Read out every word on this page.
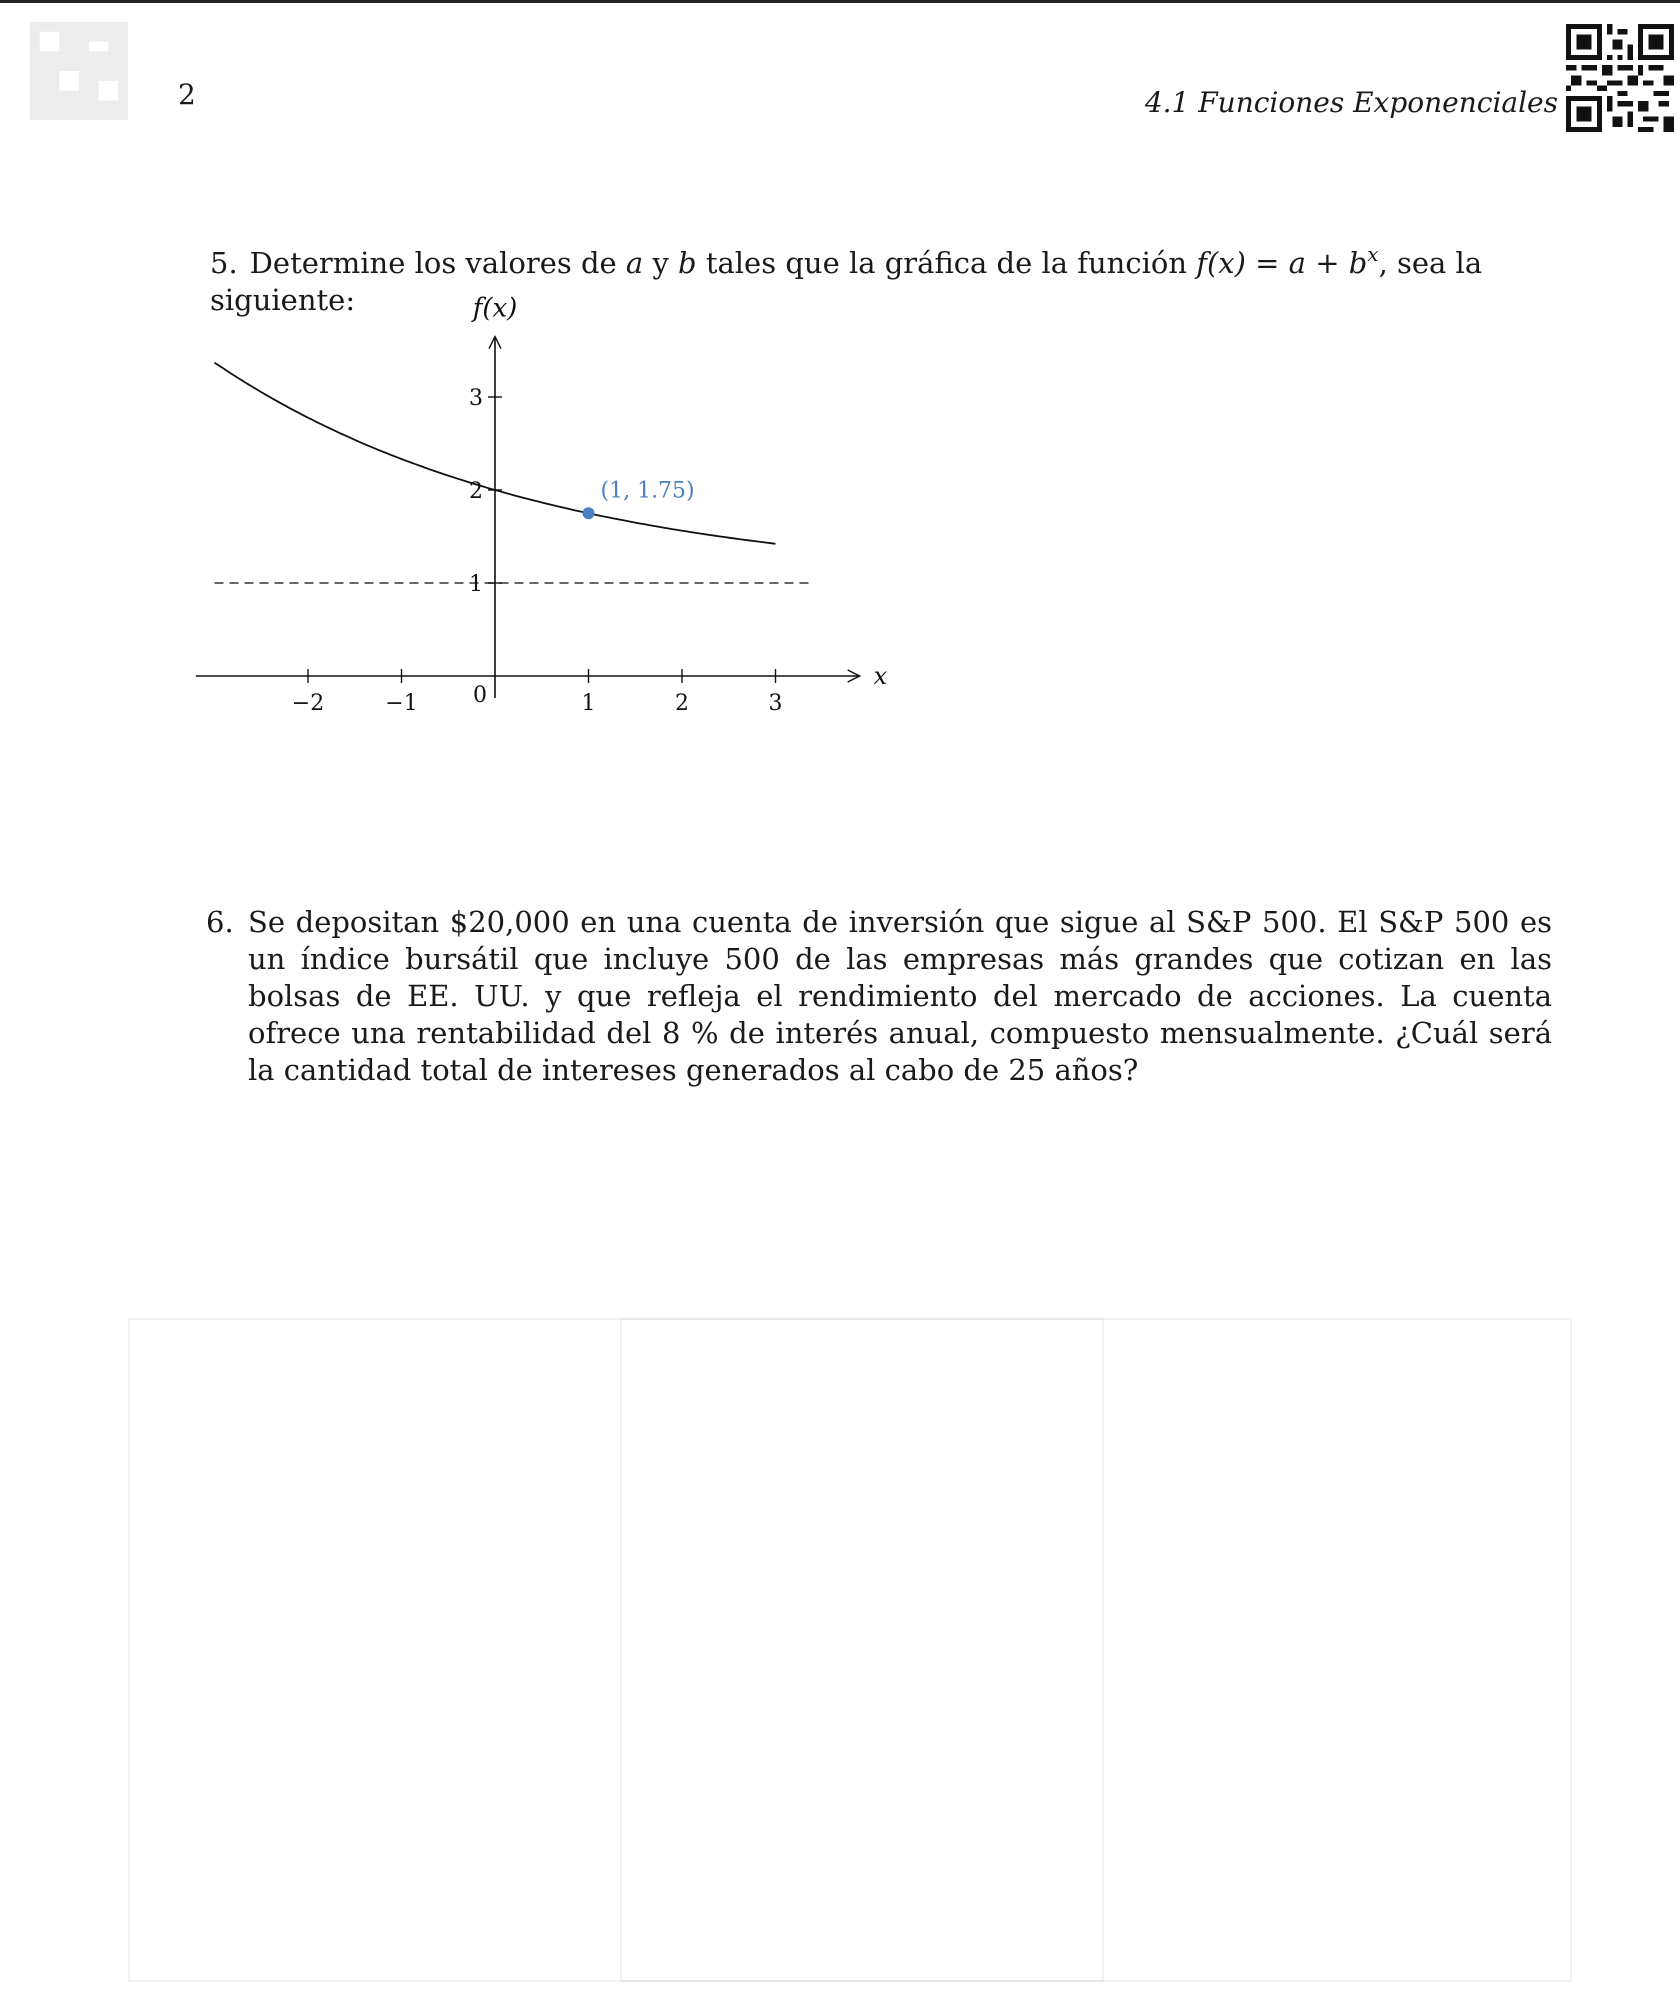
2	4.1 Funciones Exponenciales
5. Determine los valores de a y b tales que la gráfica de la función $f(x) = a + b^x$, sea la siguiente:
−2	−1	1	2	3
1
2
3
0
x
f(x)
(1, 1.75)
6. Se depositan $20,000 en una cuenta de inversión que sigue al S&P 500. El S&P 500 es un índice bursátil que incluye 500 de las empresas más grandes que cotizan en las bolsas de EE. UU. y que refleja el rendimiento del mercado de acciones. La cuenta ofrece una rentabilidad del 8 % de interés anual, compuesto mensualmente. ¿Cuál será la cantidad total de intereses generados al cabo de 25 años?
